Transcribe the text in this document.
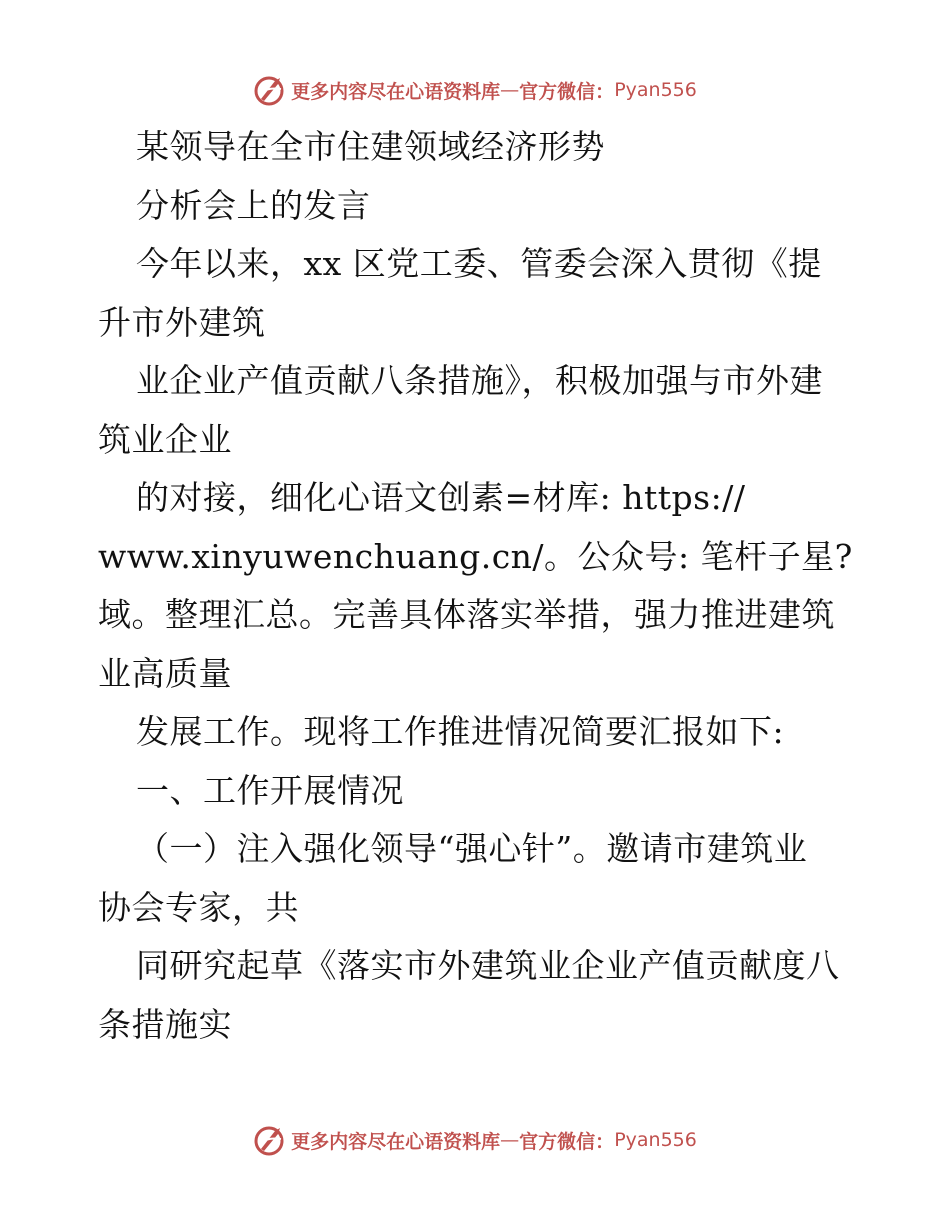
更多内容尽在心语资料库 — 官方微信： Pyan556
某领导在全市住建领域经济形势
分析会上的发言
今年以来，xx 区党工委、管委会深入贯彻《提
升市外建筑
业企业产值贡献八条措施》，积极加强与市外建
筑业企业
的对接，细化心语文创素=材库: https://
www.xinyuwenchuang.cn/。公众号: 笔杆子星?
域。整理汇总。完善具体落实举措，强力推进建筑
业高质量
发展工作。现将工作推进情况简要汇报如下:
一、工作开展情况
（一）注入强化领导“强心针”。邀请市建筑业
协会专家，共
同研究起草《落实市外建筑业企业产值贡献度八
条措施实
更多内容尽在心语资料库 — 官方微信： Pyan556
